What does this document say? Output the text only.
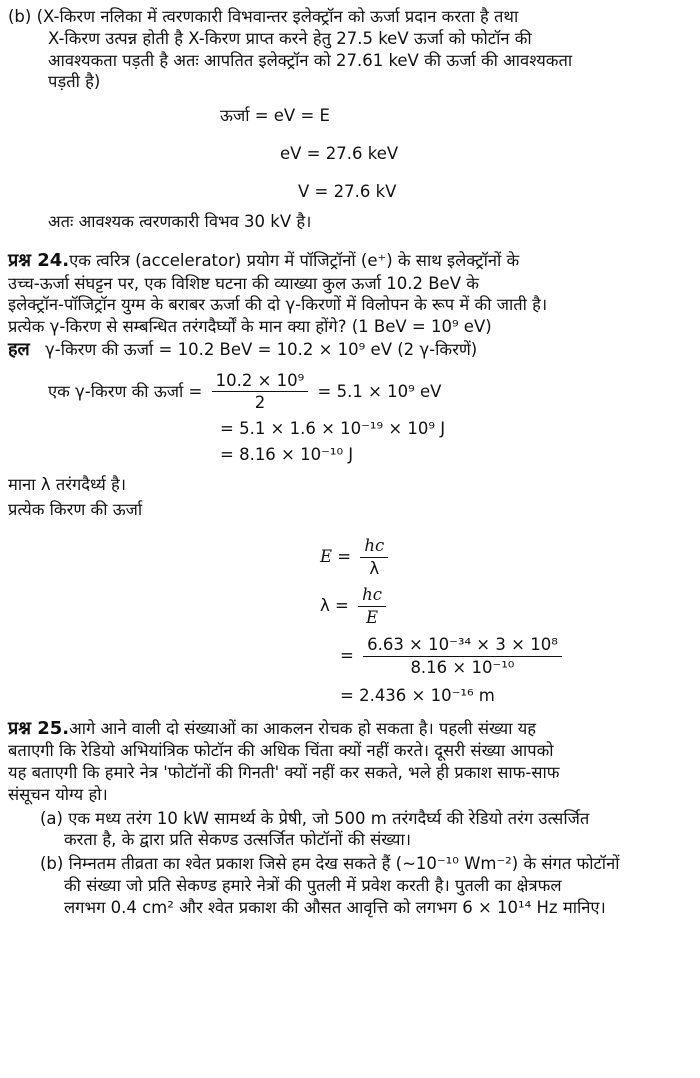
(b) (X-किरण नलिका में त्वरणकारी विभवान्तर इलेक्ट्रॉन को ऊर्जा प्रदान करता है तथा
X-किरण उत्पन्न होती है X-किरण प्राप्त करने हेतु 27.5 keV ऊर्जा को फोटॉन की
आवश्यकता पड़ती है अतः आपतित इलेक्ट्रॉन को 27.61 keV की ऊर्जा की आवश्यकता
पड़ती है)

ऊर्जा = eV = E
eV = 27.6 keV
V = 27.6 kV

अतः आवश्यक त्वरणकारी विभव 30 kV है।

प्रश्न 24.एक त्वरित्र (accelerator) प्रयोग में पॉजिट्रॉनों (e⁺) के साथ इलेक्ट्रॉनों के
उच्च-ऊर्जा संघट्टन पर, एक विशिष्ट घटना की व्याख्या कुल ऊर्जा 10.2 BeV के
इलेक्ट्रॉन-पॉजिट्रॉन युग्म के बराबर ऊर्जा की दो γ-किरणों में विलोपन के रूप में की जाती है।
प्रत्येक γ-किरण से सम्बन्धित तरंगदैर्घ्यों के मान क्या होंगे? (1 BeV = 10⁹ eV)

हल γ-किरण की ऊर्जा = 10.2 BeV = 10.2 × 10⁹ eV (2 γ-किरणें)

एक γ-किरण की ऊर्जा = $\frac{\text{10.2 × 10⁹}}{2} = 5.1 \times 10^9$ eV
= 5.1 × 1.6 × 10⁻¹⁹ × 10⁹ J
= 8.16 × 10⁻¹⁰ J

माना λ तरंगदैर्ध्य है।

प्रत्येक किरण की ऊर्जा

$E = \frac{hc}{\lambda}$
$\lambda = \frac{hc}{E}$
= $\frac{\text{6.63 × 10⁻³⁴ × 3 × 10⁸}}{\text{8.16 × 10⁻¹⁰}}$
= 2.436 × 10⁻¹⁶ m

प्रश्न 25.आगे आने वाली दो संख्याओं का आकलन रोचक हो सकता है। पहली संख्या यह
बताएगी कि रेडियो अभियांत्रिक फोटॉन की अधिक चिंता क्यों नहीं करते। दूसरी संख्या आपको
यह बताएगी कि हमारे नेत्र 'फोटॉनों की गिनती' क्यों नहीं कर सकते, भले ही प्रकाश साफ-साफ
संसूचन योग्य हो।

(a) एक मध्य तरंग 10 kW सामर्थ्य के प्रेषी, जो 500 m तरंगदैर्घ्य की रेडियो तरंग उत्सर्जित
करता है, के द्वारा प्रति सेकण्ड उत्सर्जित फोटॉनों की संख्या।
(b) निम्नतम तीव्रता का श्वेत प्रकाश जिसे हम देख सकते हैं (~10⁻¹⁰ Wm⁻²) के संगत फोटॉनों
की संख्या जो प्रति सेकण्ड हमारे नेत्रों की पुतली में प्रवेश करती है। पुतली का क्षेत्रफल
लगभग 0.4 cm² और श्वेत प्रकाश की औसत आवृत्ति को लगभग 6 × 10¹⁴ Hz मानिए।
